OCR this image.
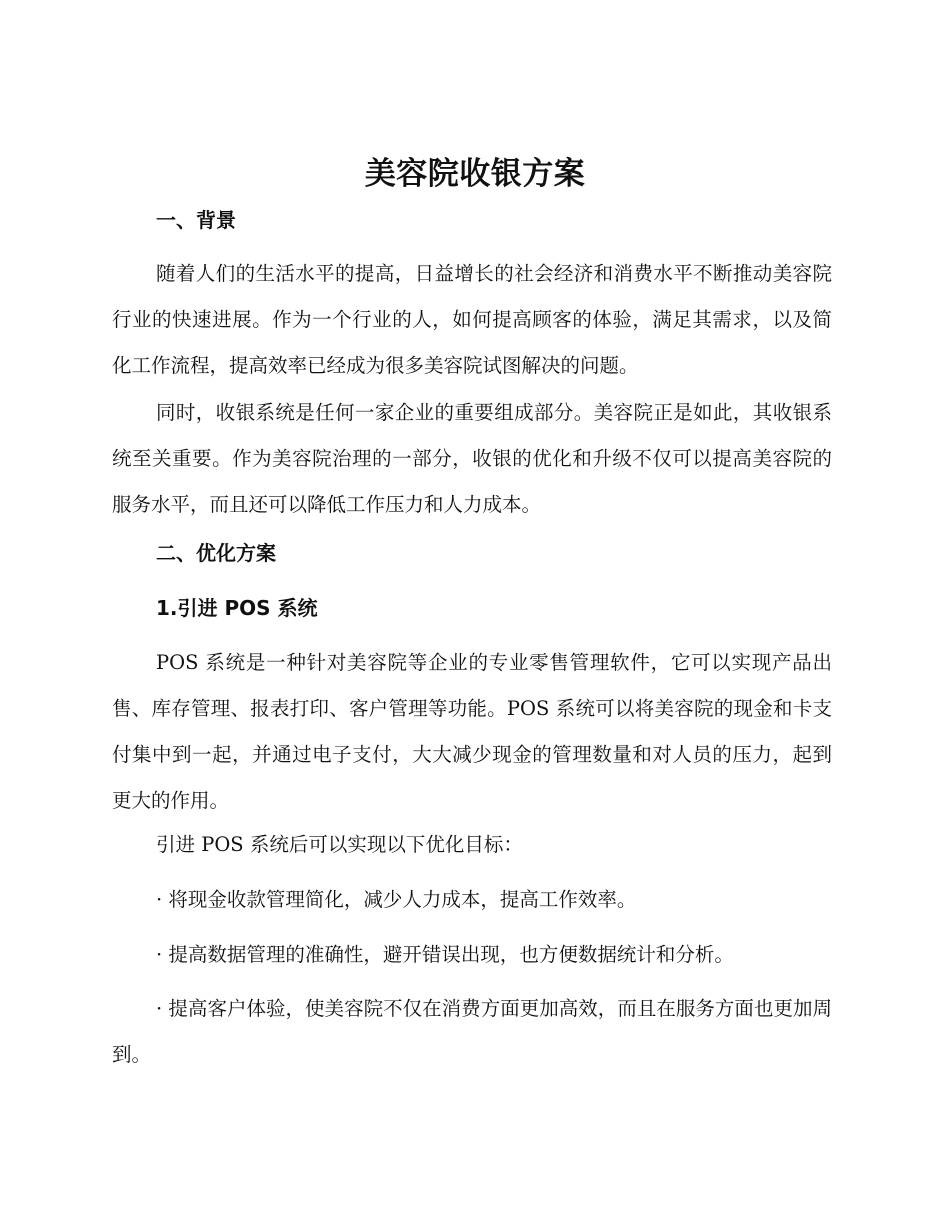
美容院收银方案
一、背景

随着人们的生活水平的提高，日益增长的社会经济和消费水平不断推动美容院行业的快速进展。作为一个行业的人，如何提高顾客的体验，满足其需求，以及简化工作流程，提高效率已经成为很多美容院试图解决的问题。

同时，收银系统是任何一家企业的重要组成部分。美容院正是如此，其收银系统至关重要。作为美容院治理的一部分，收银的优化和升级不仅可以提高美容院的服务水平，而且还可以降低工作压力和人力成本。

二、优化方案
1.引进 POS 系统

POS 系统是一种针对美容院等企业的专业零售管理软件，它可以实现产品出售、库存管理、报表打印、客户管理等功能。POS 系统可以将美容院的现金和卡支付集中到一起，并通过电子支付，大大减少现金的管理数量和对人员的压力，起到更大的作用。

引进 POS 系统后可以实现以下优化目标：

· 将现金收款管理简化，减少人力成本，提高工作效率。

· 提高数据管理的准确性，避开错误出现，也方便数据统计和分析。

· 提高客户体验，使美容院不仅在消费方面更加高效，而且在服务方面也更加周到。
